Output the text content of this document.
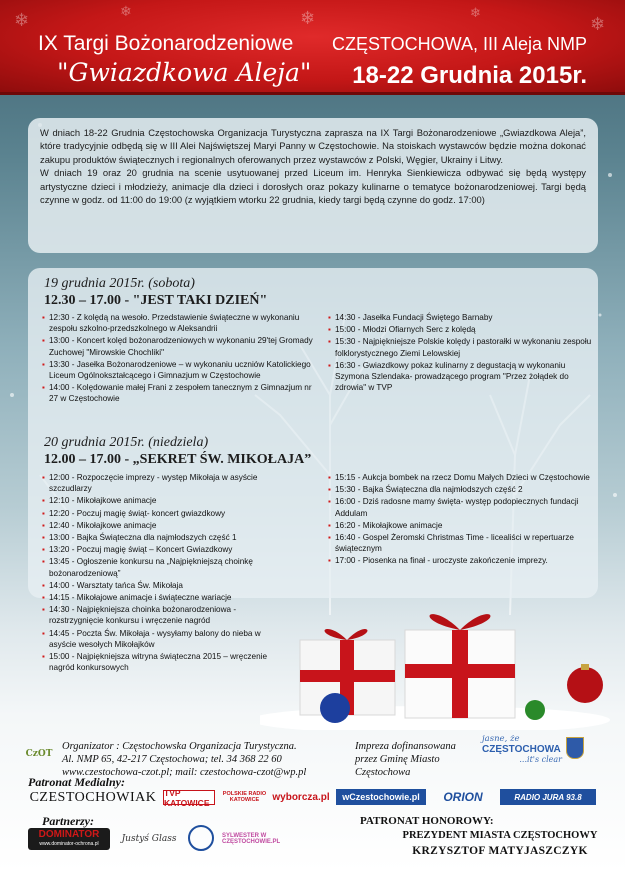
❄	❄	❄	❄
❄
IX Targi Bożonarodzeniowe
"Gwiazdkowa Aleja"
CZĘSTOCHOWA, III Aleja NMP
18-22 Grudnia 2015r.

W dniach 18-22 Grudnia Częstochowska Organizacja Turystyczna zaprasza na IX Targi Bożonarodzeniowe „Gwiazdkowa Aleja”, które tradycyjnie odbędą się w III Alei Najświętszej Maryi Panny w Częstochowie. Na stoiskach wystawców będzie można dokonać zakupu produktów świątecznych i regionalnych oferowanych przez wystawców z Polski, Węgier, Ukrainy i Litwy.

W dniach 19 oraz 20 grudnia na scenie usytuowanej przed Liceum im. Henryka Sienkiewicza odbywać się będą występy artystyczne dzieci i młodzieży, animacje dla dzieci i dorosłych oraz pokazy kulinarne o tematyce bożonarodzeniowej. Targi będą czynne w godz. od 11:00 do 19:00 (z wyjątkiem wtorku 22 grudnia, kiedy targi będą czynne do godz. 17:00)

19 grudnia 2015r. (sobota)
12.30 – 17.00 - "JEST TAKI DZIEŃ"
▪ 12:30 - Z kolędą na wesoło. Przedstawienie świąteczne w wykonaniu zespołu szkolno-przedszkolnego w Aleksandrii
▪ 13:00 - Koncert kolęd bożonarodzeniowych w wykonaniu 29'tej Gromady Zuchowej "Mirowskie Chochliki"
▪ 13:30 - Jasełka Bożonarodzeniowe – w wykonaniu uczniów Katolickiego Liceum Ogólnokształcącego i Gimnazjum w Częstochowie
▪ 14:00 - Kolędowanie małej Frani z zespołem tanecznym z Gimnazjum nr 27 w Częstochowie
▪ 14:30 - Jasełka Fundacji Świętego Barnaby
▪ 15:00 - Młodzi Ofiarnych Serc z kolędą
▪ 15:30 - Najpiękniejsze Polskie kolędy i pastorałki w wykonaniu zespołu folklorystycznego Ziemi Lelowskiej
▪ 16:30 - Gwiazdkowy pokaz kulinarny z degustacją w wykonaniu Szymona Szlendaka- prowadzącego program "Przez żołądek do zdrowia" w TVP
20 grudnia 2015r. (niedziela)
12.00 – 17.00 - „SEKRET ŚW. MIKOŁAJA”
▪ 12:00 - Rozpoczęcie imprezy - występ Mikołaja w asyście szczudlarzy
▪ 12:10 - Mikołajkowe animacje
▪ 12:20 - Poczuj magię świąt- koncert gwiazdkowy
▪ 12:40 - Mikołajkowe animacje
▪ 13:00 - Bajka Świąteczna dla najmłodszych część 1
▪ 13:20 - Poczuj magię świąt – Koncert Gwiazdkowy
▪ 13:45 - Ogłoszenie konkursu na „Najpiękniejszą choinkę bożonarodzeniową”
▪ 14:00 - Warsztaty tańca Św. Mikołaja
▪ 14:15 - Mikołajowe animacje i świąteczne wariacje
▪ 14:30 - Najpiękniejsza choinka bożonarodzeniowa - rozstrzygnięcie konkursu i wręczenie nagród
▪ 14:45 - Poczta Św. Mikołaja - wysyłamy balony do nieba w asyście wesołych Mikołajków
▪ 15:00 - Najpiękniejsza witryna świąteczna 2015 – wręczenie nagród konkursowych
▪ 15:15 - Aukcja bombek na rzecz Domu Małych Dzieci w Częstochowie
▪ 15:30 - Bajka Świąteczna dla najmłodszych część 2
▪ 16:00 - Dziś radosne mamy święta- występ podopiecznych fundacji Addulam
▪ 16:20 - Mikołajkowe animacje
▪ 16:40 - Gospel Żeromski Christmas Time - licealiści w repertuarze świątecznym
▪ 17:00 - Piosenka na finał - uroczyste zakończenie imprezy.
CzOT
Organizator : Częstochowska Organizacja Turystyczna.
Al. NMP 65, 42-217 Częstochowa; tel. 34 368 22 60
www.czestochowa-czot.pl; mail: czestochowa-czot@wp.pl
Impreza dofinansowana
przez Gminę Miasto
Częstochowa
jasne, że
CZĘSTOCHOWA
...it's clear
Patronat Medialny:
CZESTOCHOWIAK TVP KATOWICE
POLSKIE RADIO KATOWICE	wyborcza.pl	wCzestochowie.pl	ORION	RADIO JURA 93.8
Partnerzy:
DOMINATOR
www.dominator-ochrona.pl	Justyś Glass	SYLWESTER W CZĘSTOCHOWIE.PL
PATRONAT HONOROWY:
PREZYDENT MIASTA CZĘSTOCHOWY
KRZYSZTOF MATYJASZCZYK
